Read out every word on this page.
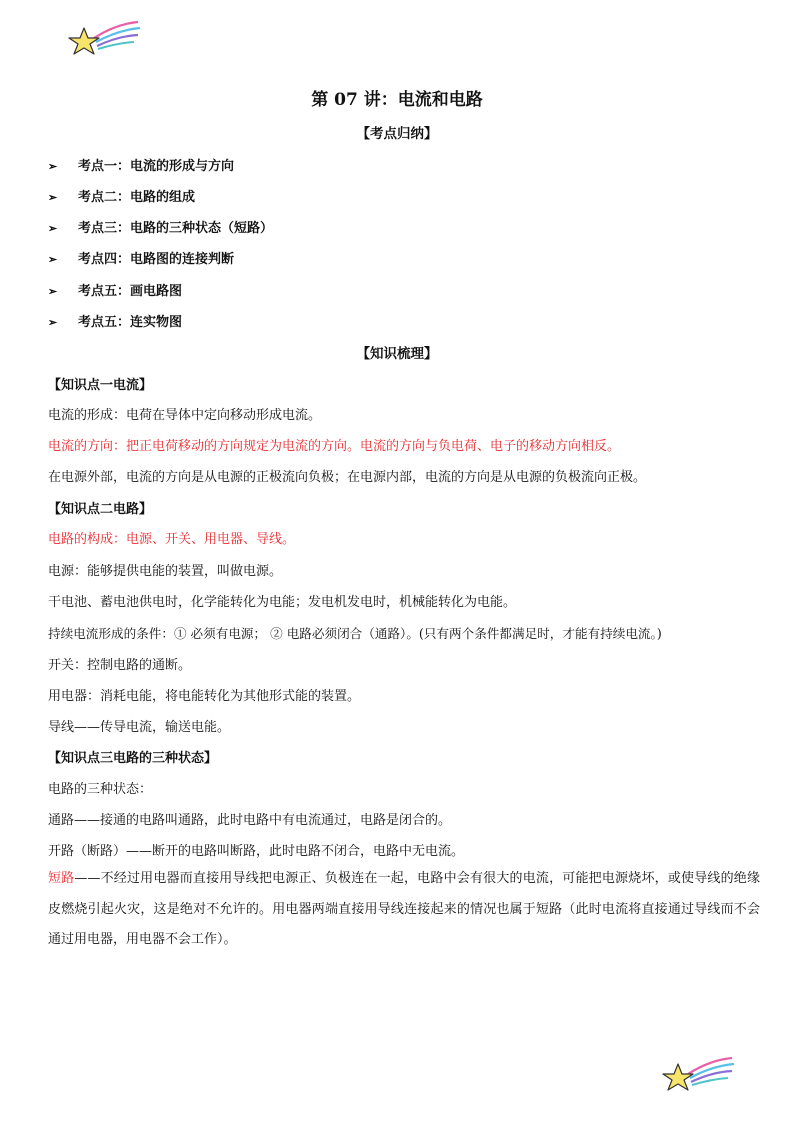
第 07 讲：电流和电路
【考点归纳】
➢ 考点一：电流的形成与方向
➢ 考点二：电路的组成
➢ 考点三：电路的三种状态（短路）
➢ 考点四：电路图的连接判断
➢ 考点五：画电路图
➢ 考点五：连实物图
【知识梳理】
【知识点一电流】
电流的形成：电荷在导体中定向移动形成电流。
电流的方向：把正电荷移动的方向规定为电流的方向。电流的方向与负电荷、电子的移动方向相反。
在电源外部，电流的方向是从电源的正极流向负极；在电源内部，电流的方向是从电源的负极流向正极。
【知识点二电路】
电路的构成：电源、开关、用电器、导线。
电源：能够提供电能的装置，叫做电源。
干电池、蓄电池供电时，化学能转化为电能；发电机发电时，机械能转化为电能。
持续电流形成的条件：① 必须有电源； ② 电路必须闭合（通路）。(只有两个条件都满足时，才能有持续电流。)
开关：控制电路的通断。
用电器：消耗电能，将电能转化为其他形式能的装置。
导线——传导电流，输送电能。
【知识点三电路的三种状态】
电路的三种状态：
通路——接通的电路叫通路，此时电路中有电流通过，电路是闭合的。
开路（断路）——断开的电路叫断路，此时电路不闭合，电路中无电流。
短路——不经过用电器而直接用导线把电源正、负极连在一起，电路中会有很大的电流，可能把电源烧坏，或使导线的绝缘皮燃烧引起火灾，这是绝对不允许的。用电器两端直接用导线连接起来的情况也属于短路（此时电流将直接通过导线而不会通过用电器，用电器不会工作）。
